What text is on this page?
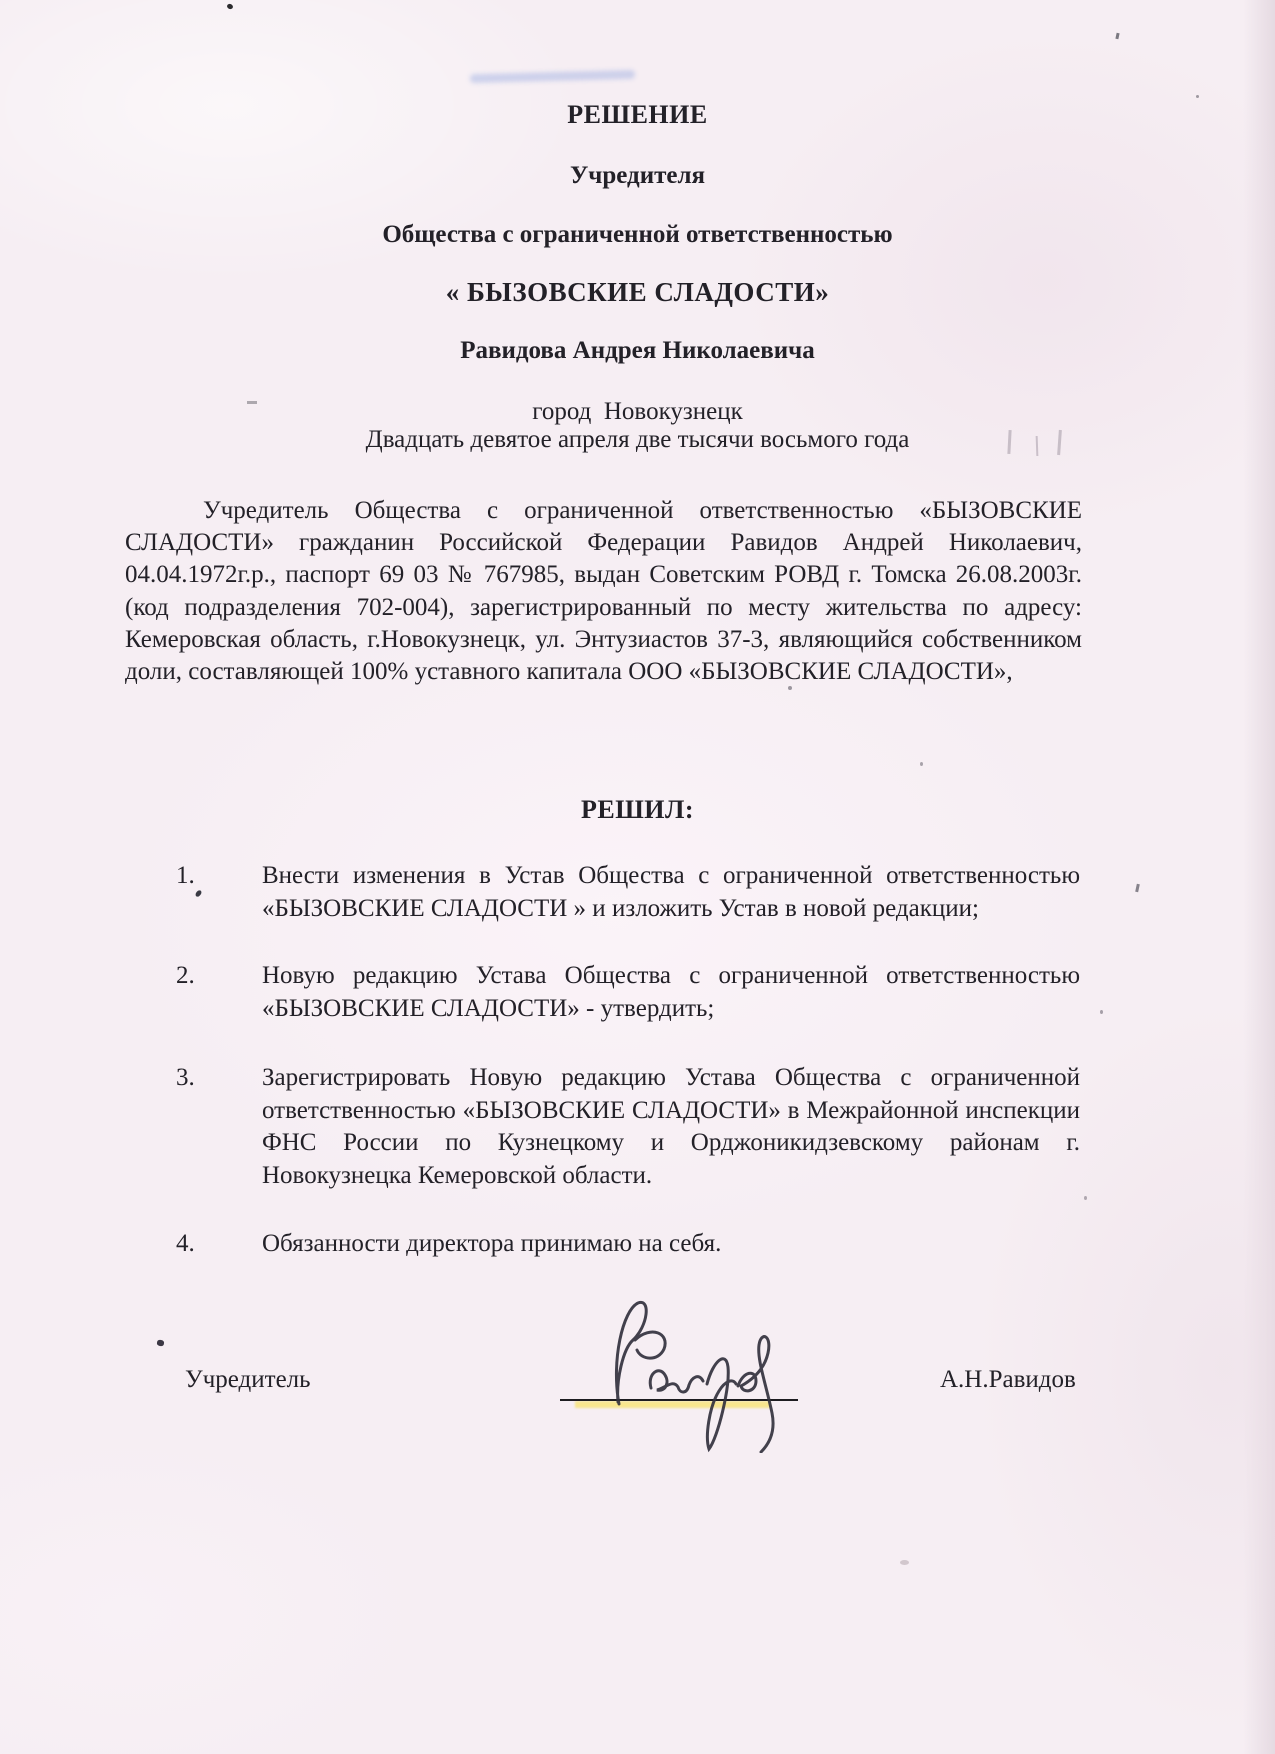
РЕШЕНИЕ
Учредителя
Общества с ограниченной ответственностью
« БЫЗОВСКИЕ СЛАДОСТИ»
Равидова Андрея Николаевича
город  Новокузнецк
Двадцать девятое апреля две тысячи восьмого года
Учредитель Общества с ограниченной ответственностью «БЫЗОВСКИЕ СЛАДОСТИ» гражданин Российской Федерации Равидов Андрей Николаевич, 04.04.1972г.р., паспорт 69 03 № 767985, выдан Советским РОВД г. Томска 26.08.2003г. (код подразделения 702-004), зарегистрированный по месту жительства по адресу: Кемеровская область, г.Новокузнецк, ул. Энтузиастов 37-3, являющийся собственником доли, составляющей 100% уставного капитала ООО «БЫЗОВСКИЕ СЛАДОСТИ»,
РЕШИЛ:
1.	Внести изменения в Устав Общества с ограниченной ответственностью «БЫЗОВСКИЕ СЛАДОСТИ » и изложить Устав в новой редакции;
2.	Новую редакцию Устава Общества с ограниченной ответственностью «БЫЗОВСКИЕ СЛАДОСТИ» - утвердить;
3.	Зарегистрировать Новую редакцию Устава Общества с ограниченной ответственностью «БЫЗОВСКИЕ СЛАДОСТИ» в Межрайонной инспекции ФНС России по Кузнецкому и Орджоникидзевскому районам г. Новокузнецка Кемеровской области.
4.	Обязанности директора принимаю на себя.
Учредитель	А.Н.Равидов
